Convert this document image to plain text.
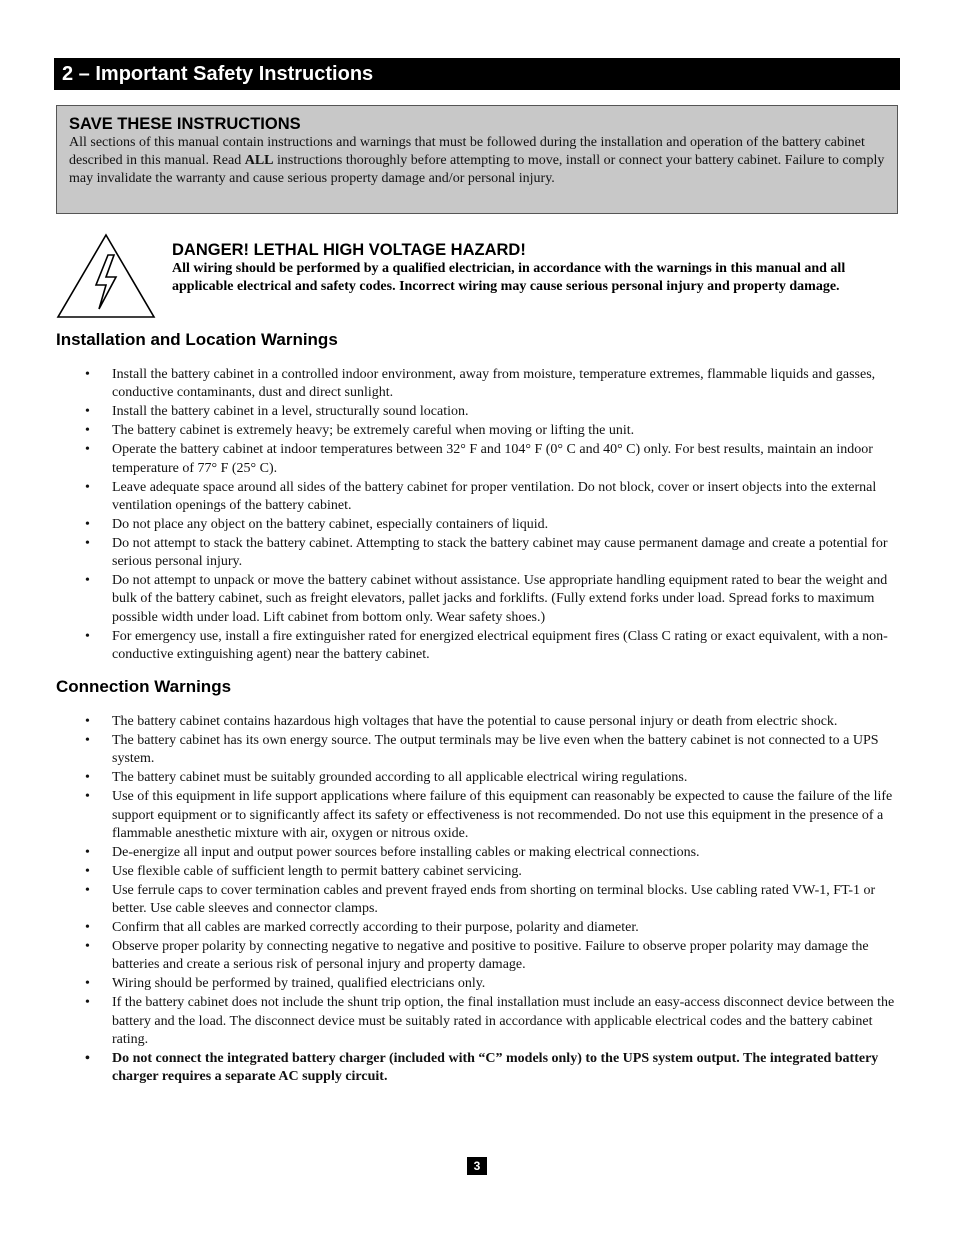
2 – Important Safety Instructions

SAVE THESE INSTRUCTIONS

All sections of this manual contain instructions and warnings that must be followed during the installation and operation of the battery cabinet described in this manual. Read ALL instructions thoroughly before attempting to move, install or connect your battery cabinet. Failure to comply may invalidate the warranty and cause serious property damage and/or personal injury.

DANGER! LETHAL HIGH VOLTAGE HAZARD!

All wiring should be performed by a qualified electrician, in accordance with the warnings in this manual and all applicable electrical and safety codes. Incorrect wiring may cause serious personal injury and property damage.

Installation and Location Warnings
• Install the battery cabinet in a controlled indoor environment, away from moisture, temperature extremes, flammable liquids and gasses, conductive contaminants, dust and direct sunlight.
• Install the battery cabinet in a level, structurally sound location.
• The battery cabinet is extremely heavy; be extremely careful when moving or lifting the unit.
• Operate the battery cabinet at indoor temperatures between 32° F and 104° F (0° C and 40° C) only. For best results, maintain an indoor temperature of 77° F (25° C).
• Leave adequate space around all sides of the battery cabinet for proper ventilation. Do not block, cover or insert objects into the external ventilation openings of the battery cabinet.
• Do not place any object on the battery cabinet, especially containers of liquid.
• Do not attempt to stack the battery cabinet. Attempting to stack the battery cabinet may cause permanent damage and create a potential for serious personal injury.
• Do not attempt to unpack or move the battery cabinet without assistance. Use appropriate handling equipment rated to bear the weight and bulk of the battery cabinet, such as freight elevators, pallet jacks and forklifts. (Fully extend forks under load. Spread forks to maximum possible width under load. Lift cabinet from bottom only. Wear safety shoes.)
• For emergency use, install a fire extinguisher rated for energized electrical equipment fires (Class C rating or exact equivalent, with a non-conductive extinguishing agent) near the battery cabinet.
Connection Warnings
• The battery cabinet contains hazardous high voltages that have the potential to cause personal injury or death from electric shock.
• The battery cabinet has its own energy source. The output terminals may be live even when the battery cabinet is not connected to a UPS system.
• The battery cabinet must be suitably grounded according to all applicable electrical wiring regulations.
• Use of this equipment in life support applications where failure of this equipment can reasonably be expected to cause the failure of the life support equipment or to significantly affect its safety or effectiveness is not recommended. Do not use this equipment in the presence of a flammable anesthetic mixture with air, oxygen or nitrous oxide.
• De-energize all input and output power sources before installing cables or making electrical connections.
• Use flexible cable of sufficient length to permit battery cabinet servicing.
• Use ferrule caps to cover termination cables and prevent frayed ends from shorting on terminal blocks. Use cabling rated VW-1, FT-1 or better. Use cable sleeves and connector clamps.
• Confirm that all cables are marked correctly according to their purpose, polarity and diameter.
• Observe proper polarity by connecting negative to negative and positive to positive. Failure to observe proper polarity may damage the batteries and create a serious risk of personal injury and property damage.
• Wiring should be performed by trained, qualified electricians only.
• If the battery cabinet does not include the shunt trip option, the final installation must include an easy-access disconnect device between the battery and the load. The disconnect device must be suitably rated in accordance with applicable electrical codes and the battery cabinet rating.
• Do not connect the integrated battery charger (included with “C” models only) to the UPS system output. The integrated battery charger requires a separate AC supply circuit.
3
